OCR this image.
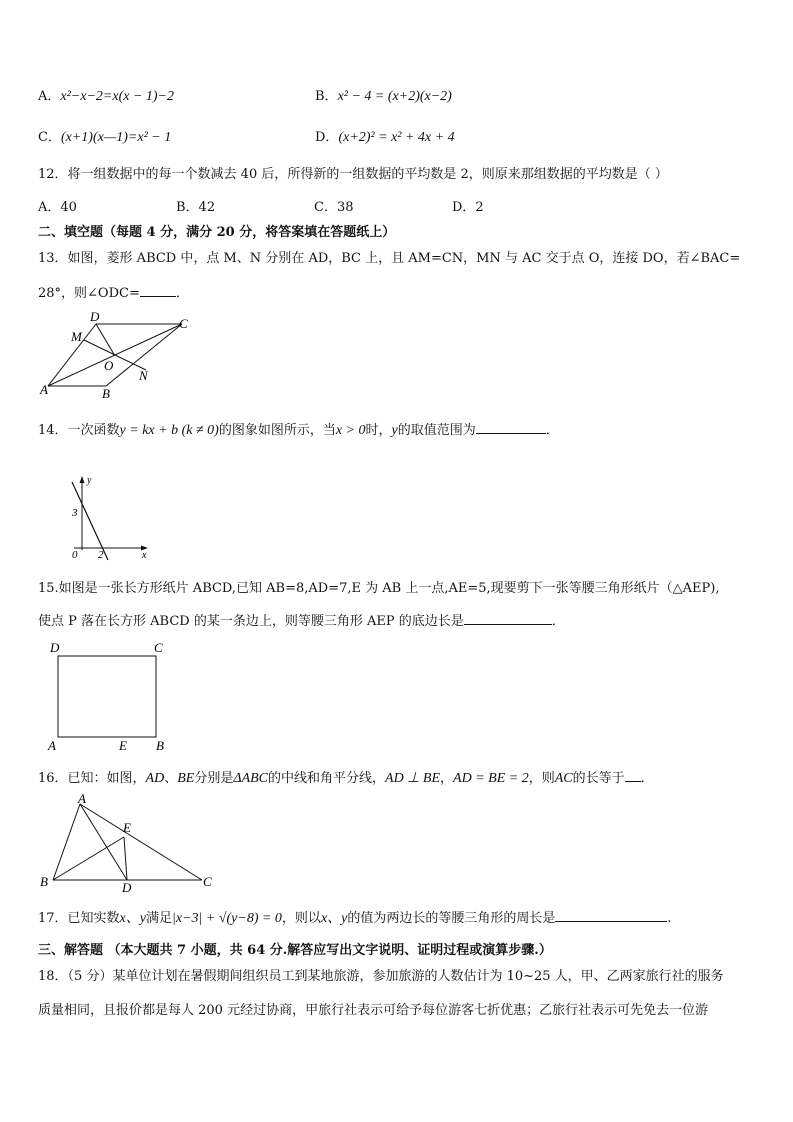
A．x²−x−2=x(x − 1)−2	B．x² − 4 = (x+2)(x−2)
C．(x+1)(x—1)=x² − 1	D．(x+2)² = x² + 4x + 4
12．将一组数据中的每一个数减去 40 后，所得新的一组数据的平均数是 2，则原来那组数据的平均数是（ ）
A．40	B．42	C．38	D．2
二、填空题（每题 4 分，满分 20 分，将答案填在答题纸上）
13．如图，菱形 ABCD 中，点 M、N 分别在 AD，BC 上，且 AM=CN，MN 与 AC 交于点 O，连接 DO，若∠BAC=
28°，则∠ODC=	．
A	B
C
D
M
N
O
14．一次函数y = kx + b (k ≠ 0)的图象如图所示，当x > 0时，y的取值范围为	．
y
x
3
0 2
15.如图是一张长方形纸片 ABCD,已知 AB=8,AD=7,E 为 AB 上一点,AE=5,现要剪下一张等腰三角形纸片（△AEP),
使点 P 落在长方形 ABCD 的某一条边上，则等腰三角形 AEP 的底边长是	．
D	C
A	B
E
16．已知：如图，AD、BE分别是ΔABC的中线和角平分线，AD ⊥ BE，AD = BE = 2，则AC的长等于 ．
A
B	C
D
E
17．已知实数x、y满足|x−3| + √(y−8) = 0，则以x、y的值为两边长的等腰三角形的周长是	.
三、解答题 （本大题共 7 小题，共 64 分.解答应写出文字说明、证明过程或演算步骤.）
18．（5 分）某单位计划在暑假期间组织员工到某地旅游，参加旅游的人数估计为 10~25 人，甲、乙两家旅行社的服务
质量相同，且报价都是每人 200 元经过协商，甲旅行社表示可给予每位游客七折优惠；乙旅行社表示可先免去一位游
